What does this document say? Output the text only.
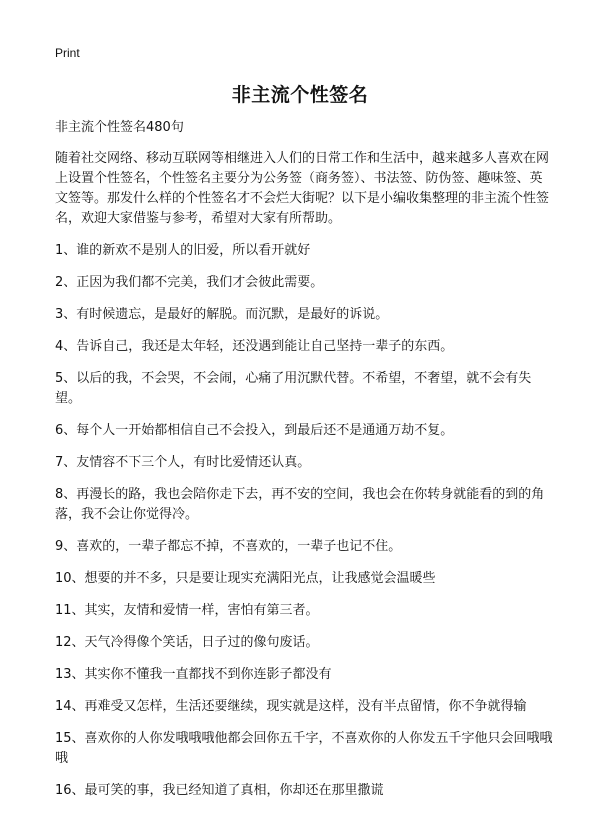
Print
非主流个性签名

非主流个性签名480句

随着社交网络、移动互联网等相继进入人们的日常工作和生活中，越来越多人喜欢在网上设置个性签名，个性签名主要分为公务签（商务签）、书法签、防伪签、趣味签、英文签等。那发什么样的个性签名才不会烂大街呢？以下是小编收集整理的非主流个性签名，欢迎大家借鉴与参考，希望对大家有所帮助。

1、谁的新欢不是别人的旧爱，所以看开就好

2、正因为我们都不完美，我们才会彼此需要。

3、有时候遗忘，是最好的解脱。而沉默，是最好的诉说。

4、告诉自己，我还是太年轻，还没遇到能让自己坚持一辈子的东西。

5、以后的我，不会哭，不会闹，心痛了用沉默代替。不希望，不奢望，就不会有失望。

6、每个人一开始都相信自己不会投入，到最后还不是通通万劫不复。

7、友情容不下三个人，有时比爱情还认真。

8、再漫长的路，我也会陪你走下去，再不安的空间，我也会在你转身就能看的到的角落，我不会让你觉得冷。

9、喜欢的，一辈子都忘不掉，不喜欢的，一辈子也记不住。

10、想要的并不多，只是要让现实充满阳光点，让我感觉会温暖些

11、其实，友情和爱情一样，害怕有第三者。

12、天气冷得像个笑话，日子过的像句废话。

13、其实你不懂我一直都找不到你连影子都没有

14、再难受又怎样，生活还要继续，现实就是这样，没有半点留情，你不争就得输

15、喜欢你的人你发哦哦哦他都会回你五千字，不喜欢你的人你发五千字他只会回哦哦哦

16、最可笑的事，我已经知道了真相，你却还在那里撒谎
